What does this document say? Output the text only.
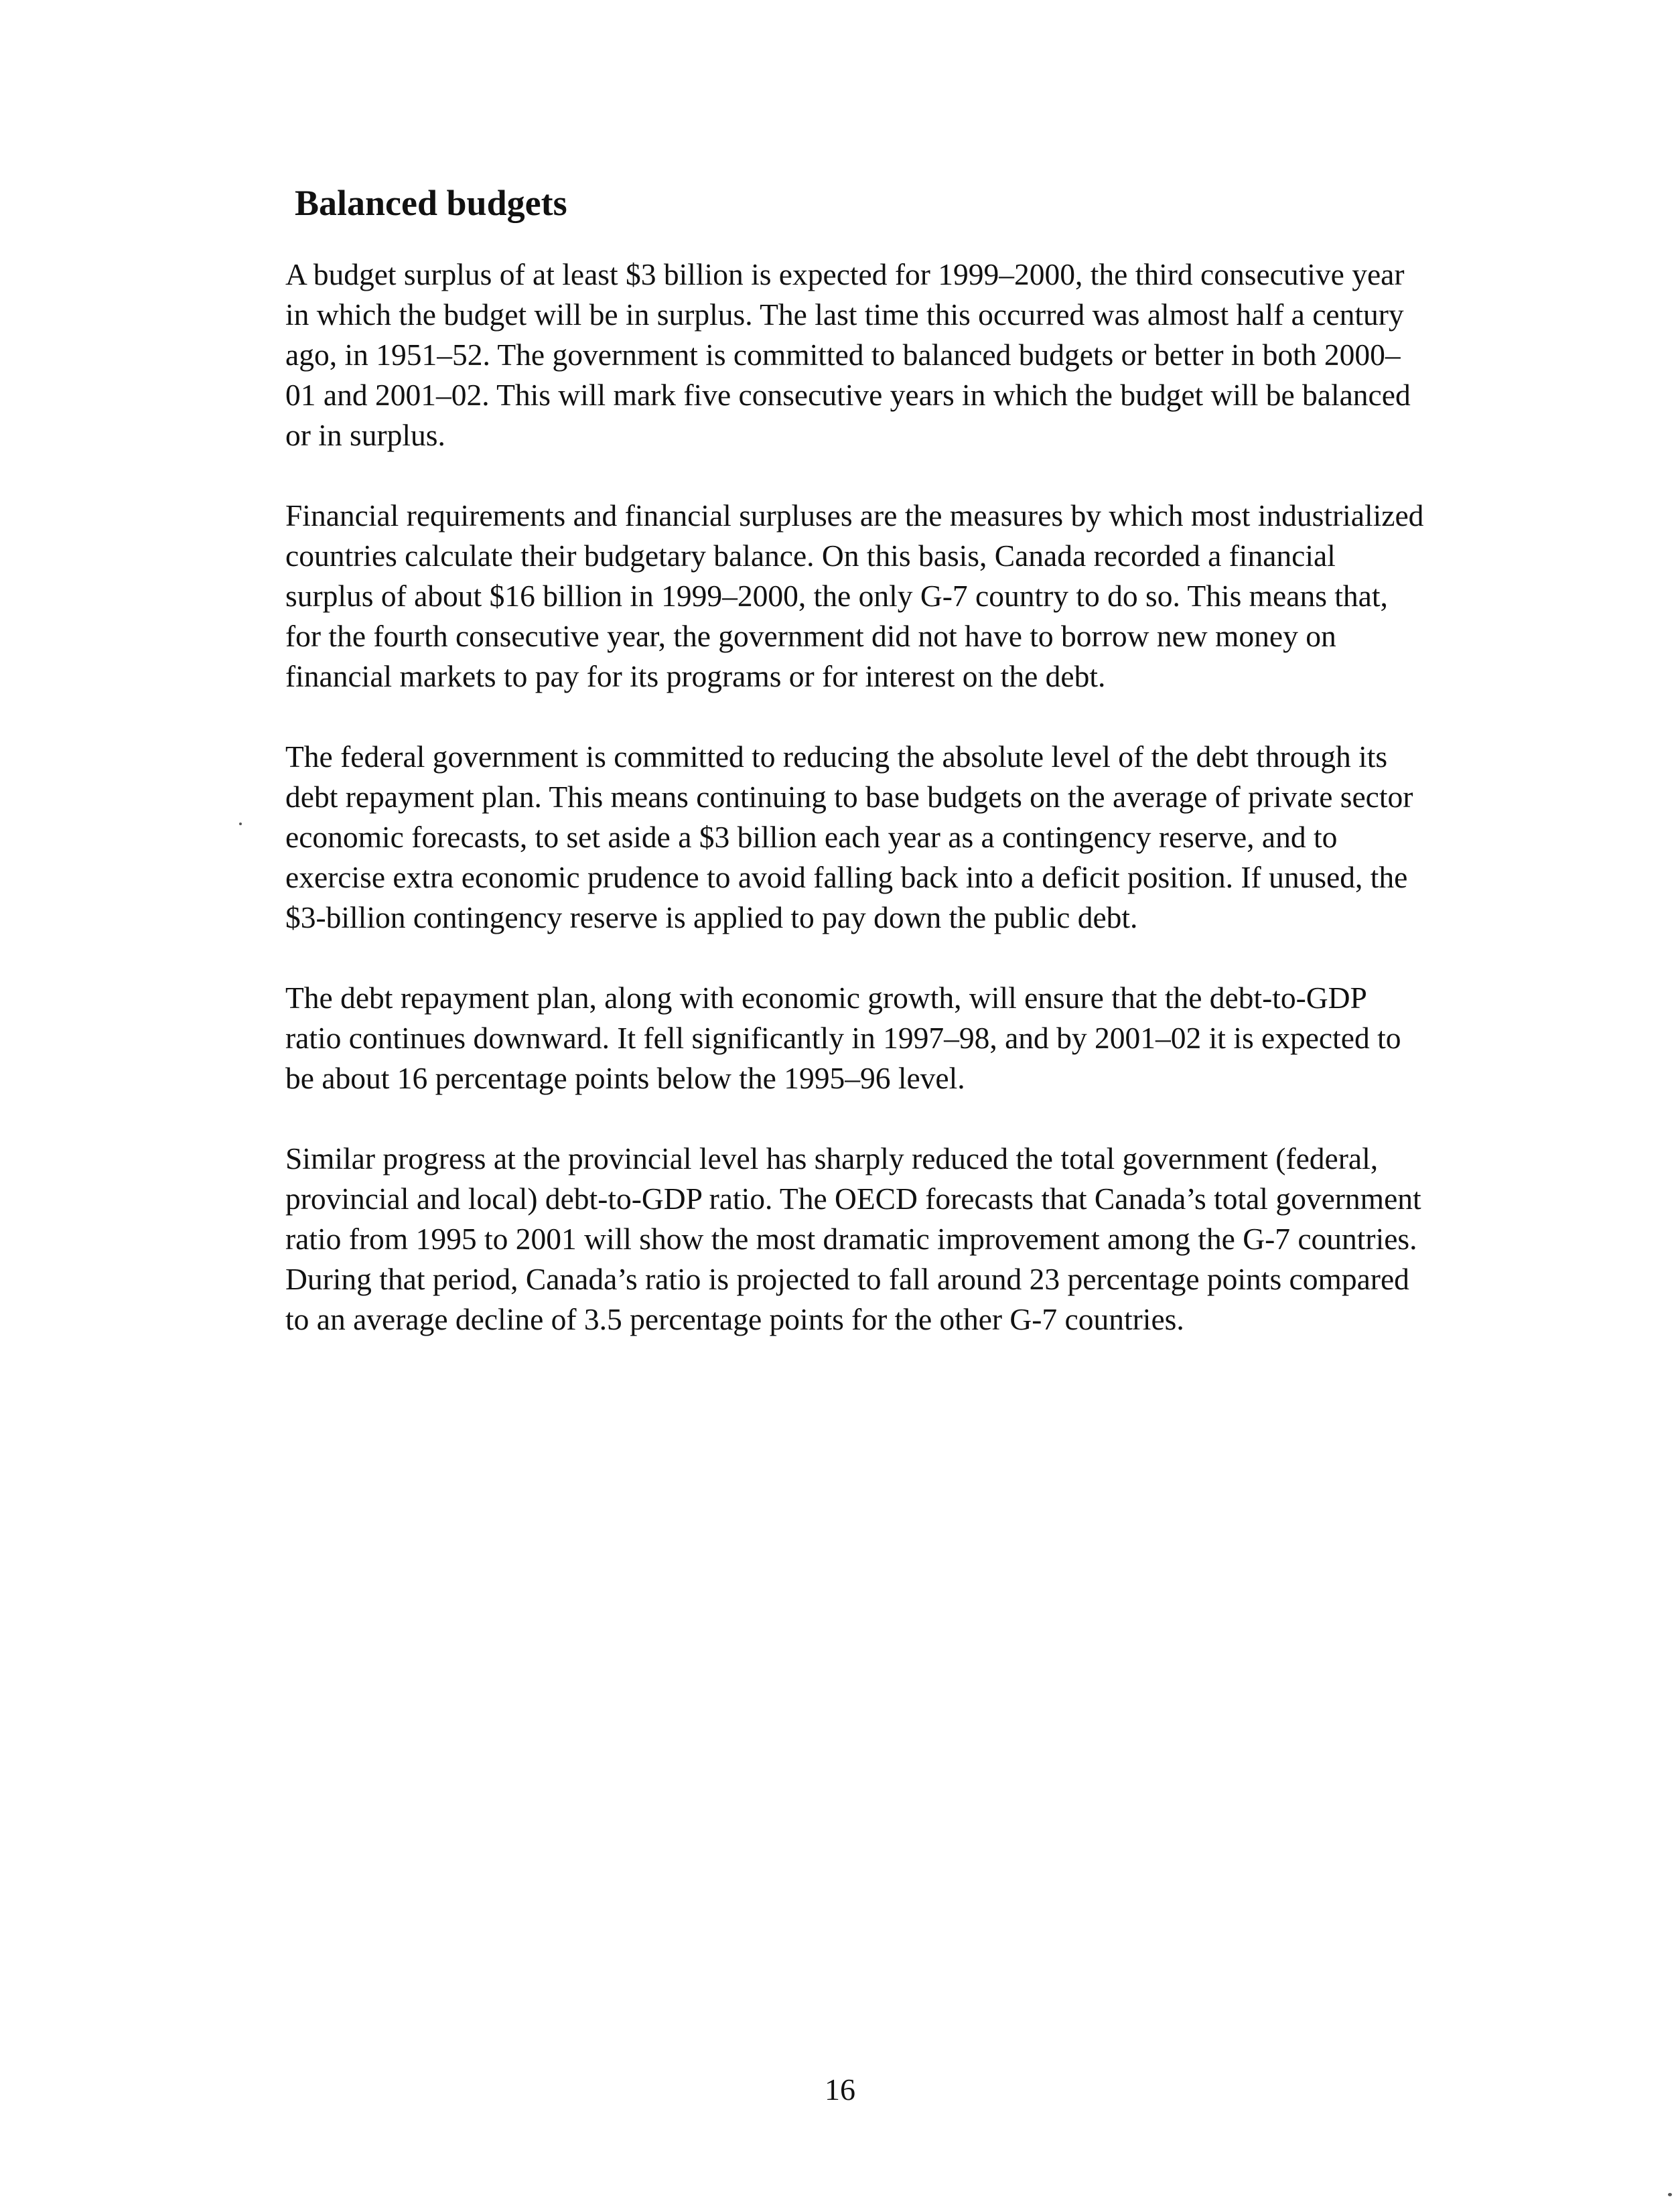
Balanced budgets

A budget surplus of at least $3 billion is expected for 1999–2000, the third consecutive year in which the budget will be in surplus. The last time this occurred was almost half a century ago, in 1951–52. The government is committed to balanced budgets or better in both 2000–01 and 2001–02. This will mark five consecutive years in which the budget will be balanced or in surplus.

Financial requirements and financial surpluses are the measures by which most industrialized countries calculate their budgetary balance. On this basis, Canada recorded a financial surplus of about $16 billion in 1999–2000, the only G-7 country to do so. This means that, for the fourth consecutive year, the government did not have to borrow new money on financial markets to pay for its programs or for interest on the debt.

The federal government is committed to reducing the absolute level of the debt through its debt repayment plan. This means continuing to base budgets on the average of private sector economic forecasts, to set aside a $3 billion each year as a contingency reserve, and to exercise extra economic prudence to avoid falling back into a deficit position. If unused, the $3-billion contingency reserve is applied to pay down the public debt.

The debt repayment plan, along with economic growth, will ensure that the debt-to-GDP ratio continues downward. It fell significantly in 1997–98, and by 2001–02 it is expected to be about 16 percentage points below the 1995–96 level.

Similar progress at the provincial level has sharply reduced the total government (federal, provincial and local) debt-to-GDP ratio. The OECD forecasts that Canada’s total government ratio from 1995 to 2001 will show the most dramatic improvement among the G-7 countries. During that period, Canada’s ratio is projected to fall around 23 percentage points compared to an average decline of 3.5 percentage points for the other G-7 countries.

16
